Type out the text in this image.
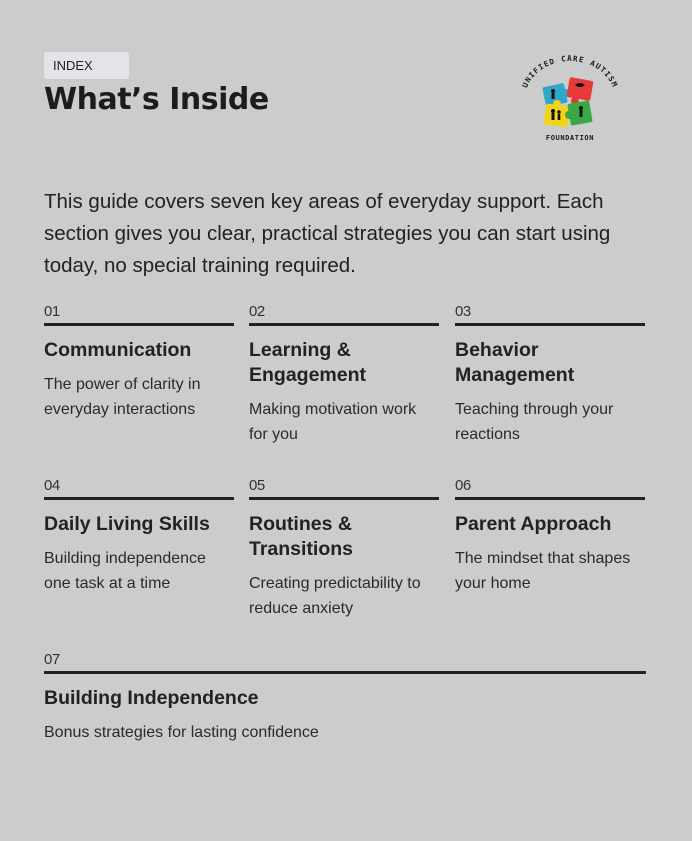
INDEX
What’s Inside	UNIFIED CARE AUTISM
FOUNDATION

This guide covers seven key areas of everyday support. Each section gives you clear, practical strategies you can start using today, no special training required.

01
Communication
The power of clarity in everyday interactions
02
Learning & Engagement
Making motivation work for you
03
Behavior Management
Teaching through your reactions
04
Daily Living Skills
Building independence one task at a time
05
Routines & Transitions
Creating predictability to reduce anxiety
06
Parent Approach
The mindset that shapes your home
07
Building Independence
Bonus strategies for lasting confidence
